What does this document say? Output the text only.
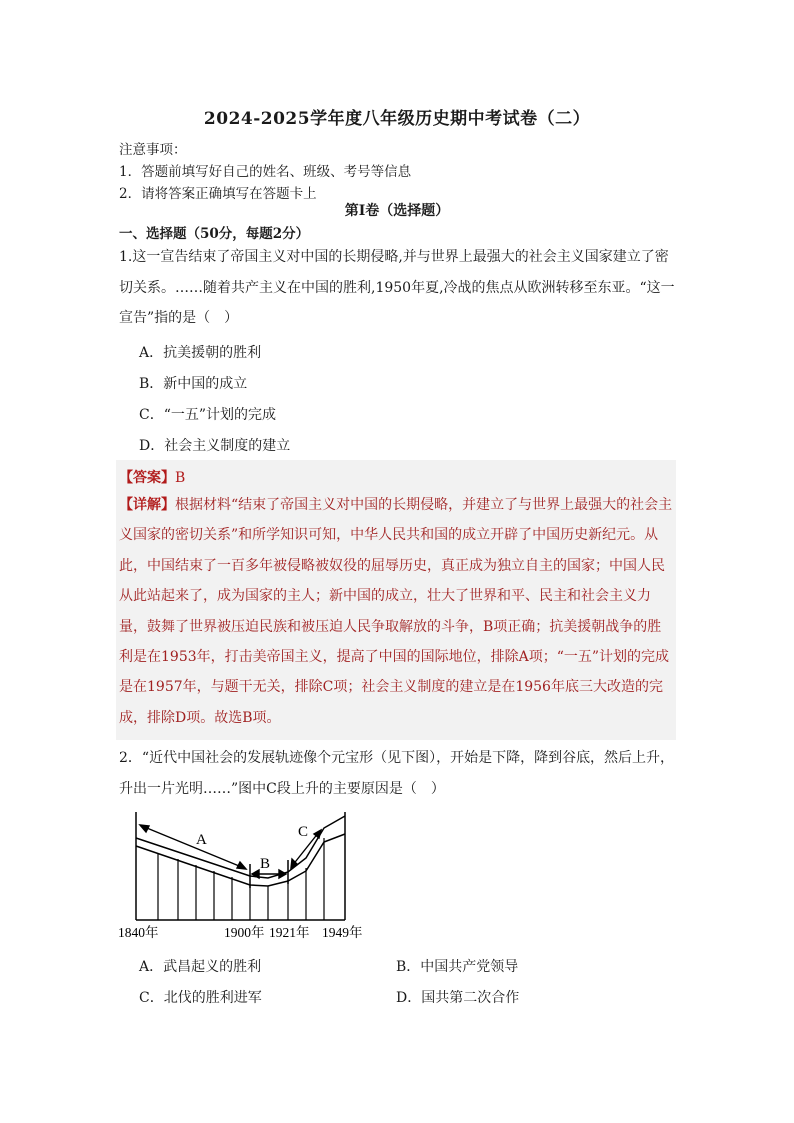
2024-2025学年度八年级历史期中考试卷（二）
注意事项：
1．答题前填写好自己的姓名、班级、考号等信息
2．请将答案正确填写在答题卡上
第I卷（选择题）
一、选择题（50分，每题2分）
1.这一宣告结束了帝国主义对中国的长期侵略,并与世界上最强大的社会主义国家建立了密切关系。……随着共产主义在中国的胜利,1950年夏,冷战的焦点从欧洲转移至东亚。“这一宣告”指的是（　）
A．抗美援朝的胜利
B．新中国的成立
C．“一五”计划的完成
D．社会主义制度的建立
【答案】B
【详解】根据材料“结束了帝国主义对中国的长期侵略，并建立了与世界上最强大的社会主义国家的密切关系”和所学知识可知，中华人民共和国的成立开辟了中国历史新纪元。从此，中国结束了一百多年被侵略被奴役的屈辱历史，真正成为独立自主的国家；中国人民从此站起来了，成为国家的主人；新中国的成立，壮大了世界和平、民主和社会主义力量，鼓舞了世界被压迫民族和被压迫人民争取解放的斗争，B项正确；抗美援朝战争的胜利是在1953年，打击美帝国主义，提高了中国的国际地位，排除A项；“一五”计划的完成是在1957年，与题干无关，排除C项；社会主义制度的建立是在1956年底三大改造的完成，排除D项。故选B项。
2．“近代中国社会的发展轨迹像个元宝形（见下图），开始是下降，降到谷底，然后上升，升出一片光明……”图中C段上升的主要原因是（　）
A
B
C
1840年	1900年 1921年 1949年
A．武昌起义的胜利	B．中国共产党领导
C．北伐的胜利进军	D．国共第二次合作
